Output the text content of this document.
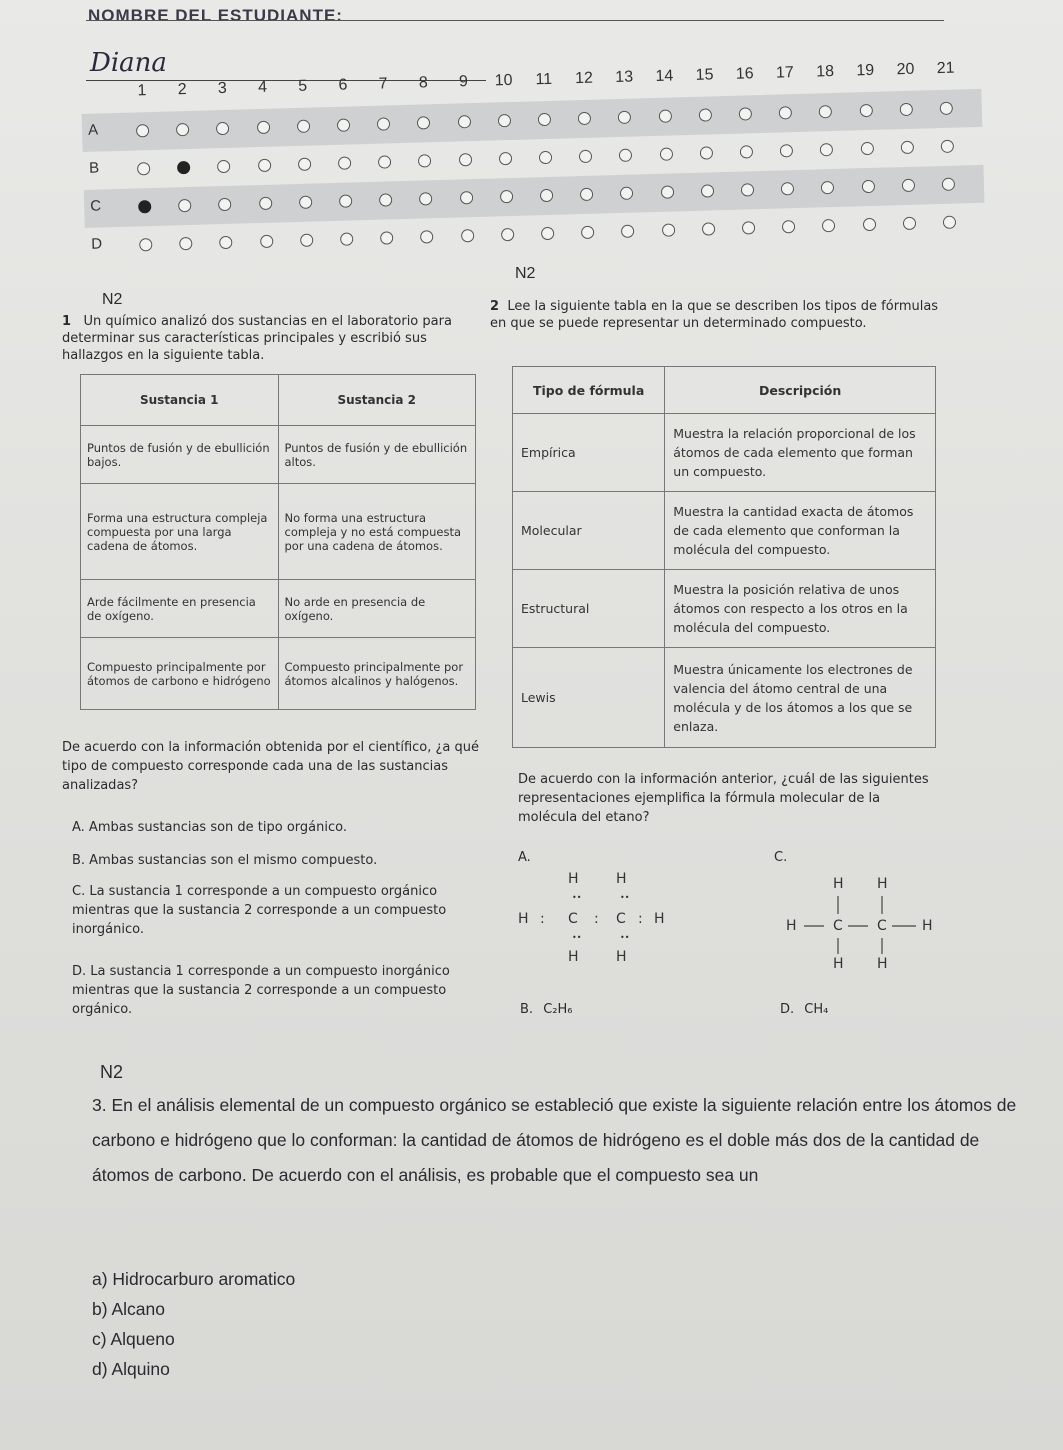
NOMBRE DEL ESTUDIANTE:
Diana
1	2	3	4	5	6	7	8	9	10	11	12	13	14	15	16	17	18	19	20	21
A
B
C
D
N2
N2
N2
1 Un químico analizó dos sustancias en el laboratorio para determinar sus características principales y escribió sus hallazgos en la siguiente tabla.
Sustancia 1	Sustancia 2
Puntos de fusión y de ebullición bajos.	Puntos de fusión y de ebullición altos.
Forma una estructura compleja compuesta por una larga cadena de átomos.	No forma una estructura compleja y no está compuesta por una cadena de átomos.
Arde fácilmente en presencia de oxígeno.	No arde en presencia de oxígeno.
Compuesto principalmente por átomos de carbono e hidrógeno	Compuesto principalmente por átomos alcalinos y halógenos.
De acuerdo con la información obtenida por el científico, ¿a qué tipo de compuesto corresponde cada una de las sustancias analizadas?
A. Ambas sustancias son de tipo orgánico.
B. Ambas sustancias son el mismo compuesto.
C. La sustancia 1 corresponde a un compuesto orgánico mientras que la sustancia 2 corresponde a un compuesto inorgánico.
D. La sustancia 1 corresponde a un compuesto inorgánico mientras que la sustancia 2 corresponde a un compuesto orgánico.
2 Lee la siguiente tabla en la que se describen los tipos de fórmulas en que se puede representar un determinado compuesto.
Tipo de fórmula	Descripción
Empírica	Muestra la relación proporcional de los átomos de cada elemento que forman un compuesto.
Molecular	Muestra la cantidad exacta de átomos de cada elemento que conforman la molécula del compuesto.
Estructural	Muestra la posición relativa de unos átomos con respecto a los otros en la molécula del compuesto.
Lewis	Muestra únicamente los electrones de valencia del átomo central de una molécula y de los átomos a los que se enlaza.
De acuerdo con la información anterior, ¿cuál de las siguientes representaciones ejemplifica la fórmula molecular de la molécula del etano?
A.
H	H
••	••
H : C : C : H
••	••
H	H
C.
H H
H	C C	H
H H
B. C₂H₆	D. CH₄
3. En el análisis elemental de un compuesto orgánico se estableció que existe la siguiente relación entre los átomos de carbono e hidrógeno que lo conforman: la cantidad de átomos de hidrógeno es el doble más dos de la cantidad de átomos de carbono. De acuerdo con el análisis, es probable que el compuesto sea un
a) Hidrocarburo aromatico
b) Alcano
c) Alqueno
d) Alquino
